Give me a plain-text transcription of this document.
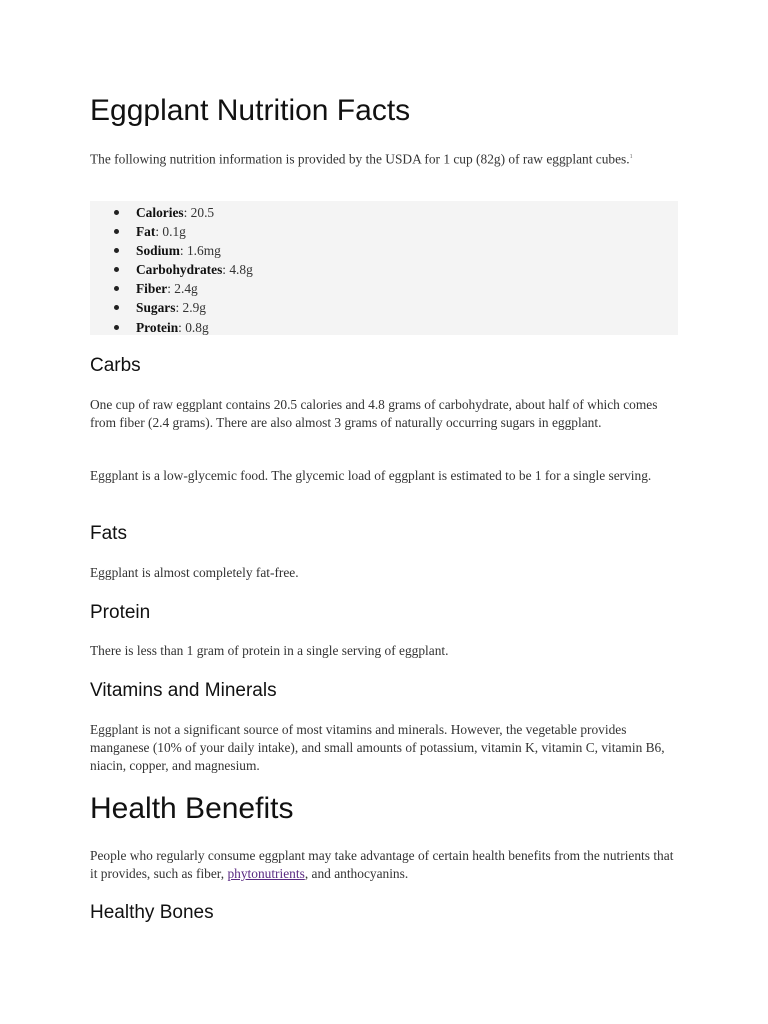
Eggplant Nutrition Facts

The following nutrition information is provided by the USDA for 1 cup (82g) of raw eggplant cubes.$^1$

Calories: 20.5
Fat: 0.1g
Sodium: 1.6mg
Carbohydrates: 4.8g
Fiber: 2.4g
Sugars: 2.9g
Protein: 0.8g
Carbs

One cup of raw eggplant contains 20.5 calories and 4.8 grams of carbohydrate, about half of which comes from fiber (2.4 grams). There are also almost 3 grams of naturally occurring sugars in eggplant.

Eggplant is a low-glycemic food. The glycemic load of eggplant is estimated to be 1 for a single serving.

Fats

Eggplant is almost completely fat-free.

Protein

There is less than 1 gram of protein in a single serving of eggplant.

Vitamins and Minerals

Eggplant is not a significant source of most vitamins and minerals. However, the vegetable provides manganese (10% of your daily intake), and small amounts of potassium, vitamin K, vitamin C, vitamin B6, niacin, copper, and magnesium.

Health Benefits

People who regularly consume eggplant may take advantage of certain health benefits from the nutrients that it provides, such as fiber, phytonutrients, and anthocyanins.

Healthy Bones
